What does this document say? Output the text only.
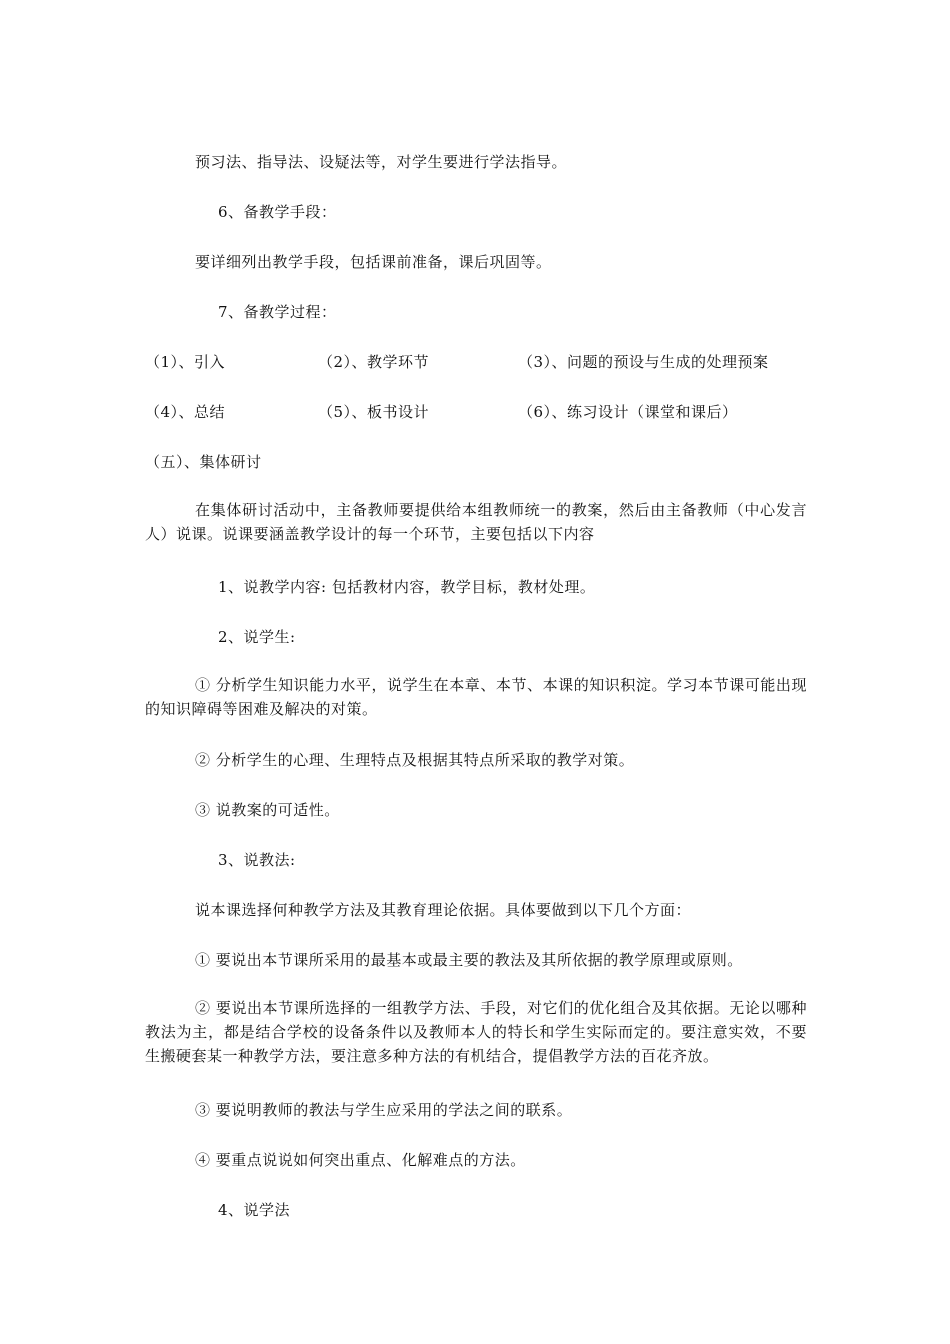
预习法、指导法、设疑法等，对学生要进行学法指导。
6、备教学手段：
要详细列出教学手段，包括课前准备，课后巩固等。
7、备教学过程：
（1）、引入	（2）、教学环节	（3）、问题的预设与生成的处理预案
（4）、总结	（5）、板书设计	（6）、练习设计（课堂和课后）
（五）、集体研讨
在集体研讨活动中，主备教师要提供给本组教师统一的教案，然后由主备教师（中心发言人）说课。说课要涵盖教学设计的每一个环节，主要包括以下内容
1、说教学内容: 包括教材内容，教学目标，教材处理。
2、说学生:
① 分析学生知识能力水平，说学生在本章、本节、本课的知识积淀。学习本节课可能出现的知识障碍等困难及解决的对策。
② 分析学生的心理、生理特点及根据其特点所采取的教学对策。
③ 说教案的可适性。
3、说教法:
说本课选择何种教学方法及其教育理论依据。具体要做到以下几个方面：
① 要说出本节课所采用的最基本或最主要的教法及其所依据的教学原理或原则。
② 要说出本节课所选择的一组教学方法、手段，对它们的优化组合及其依据。无论以哪种教法为主，都是结合学校的设备条件以及教师本人的特长和学生实际而定的。要注意实效，不要生搬硬套某一种教学方法，要注意多种方法的有机结合，提倡教学方法的百花齐放。
③ 要说明教师的教法与学生应采用的学法之间的联系。
④ 要重点说说如何突出重点、化解难点的方法。
4、说学法
